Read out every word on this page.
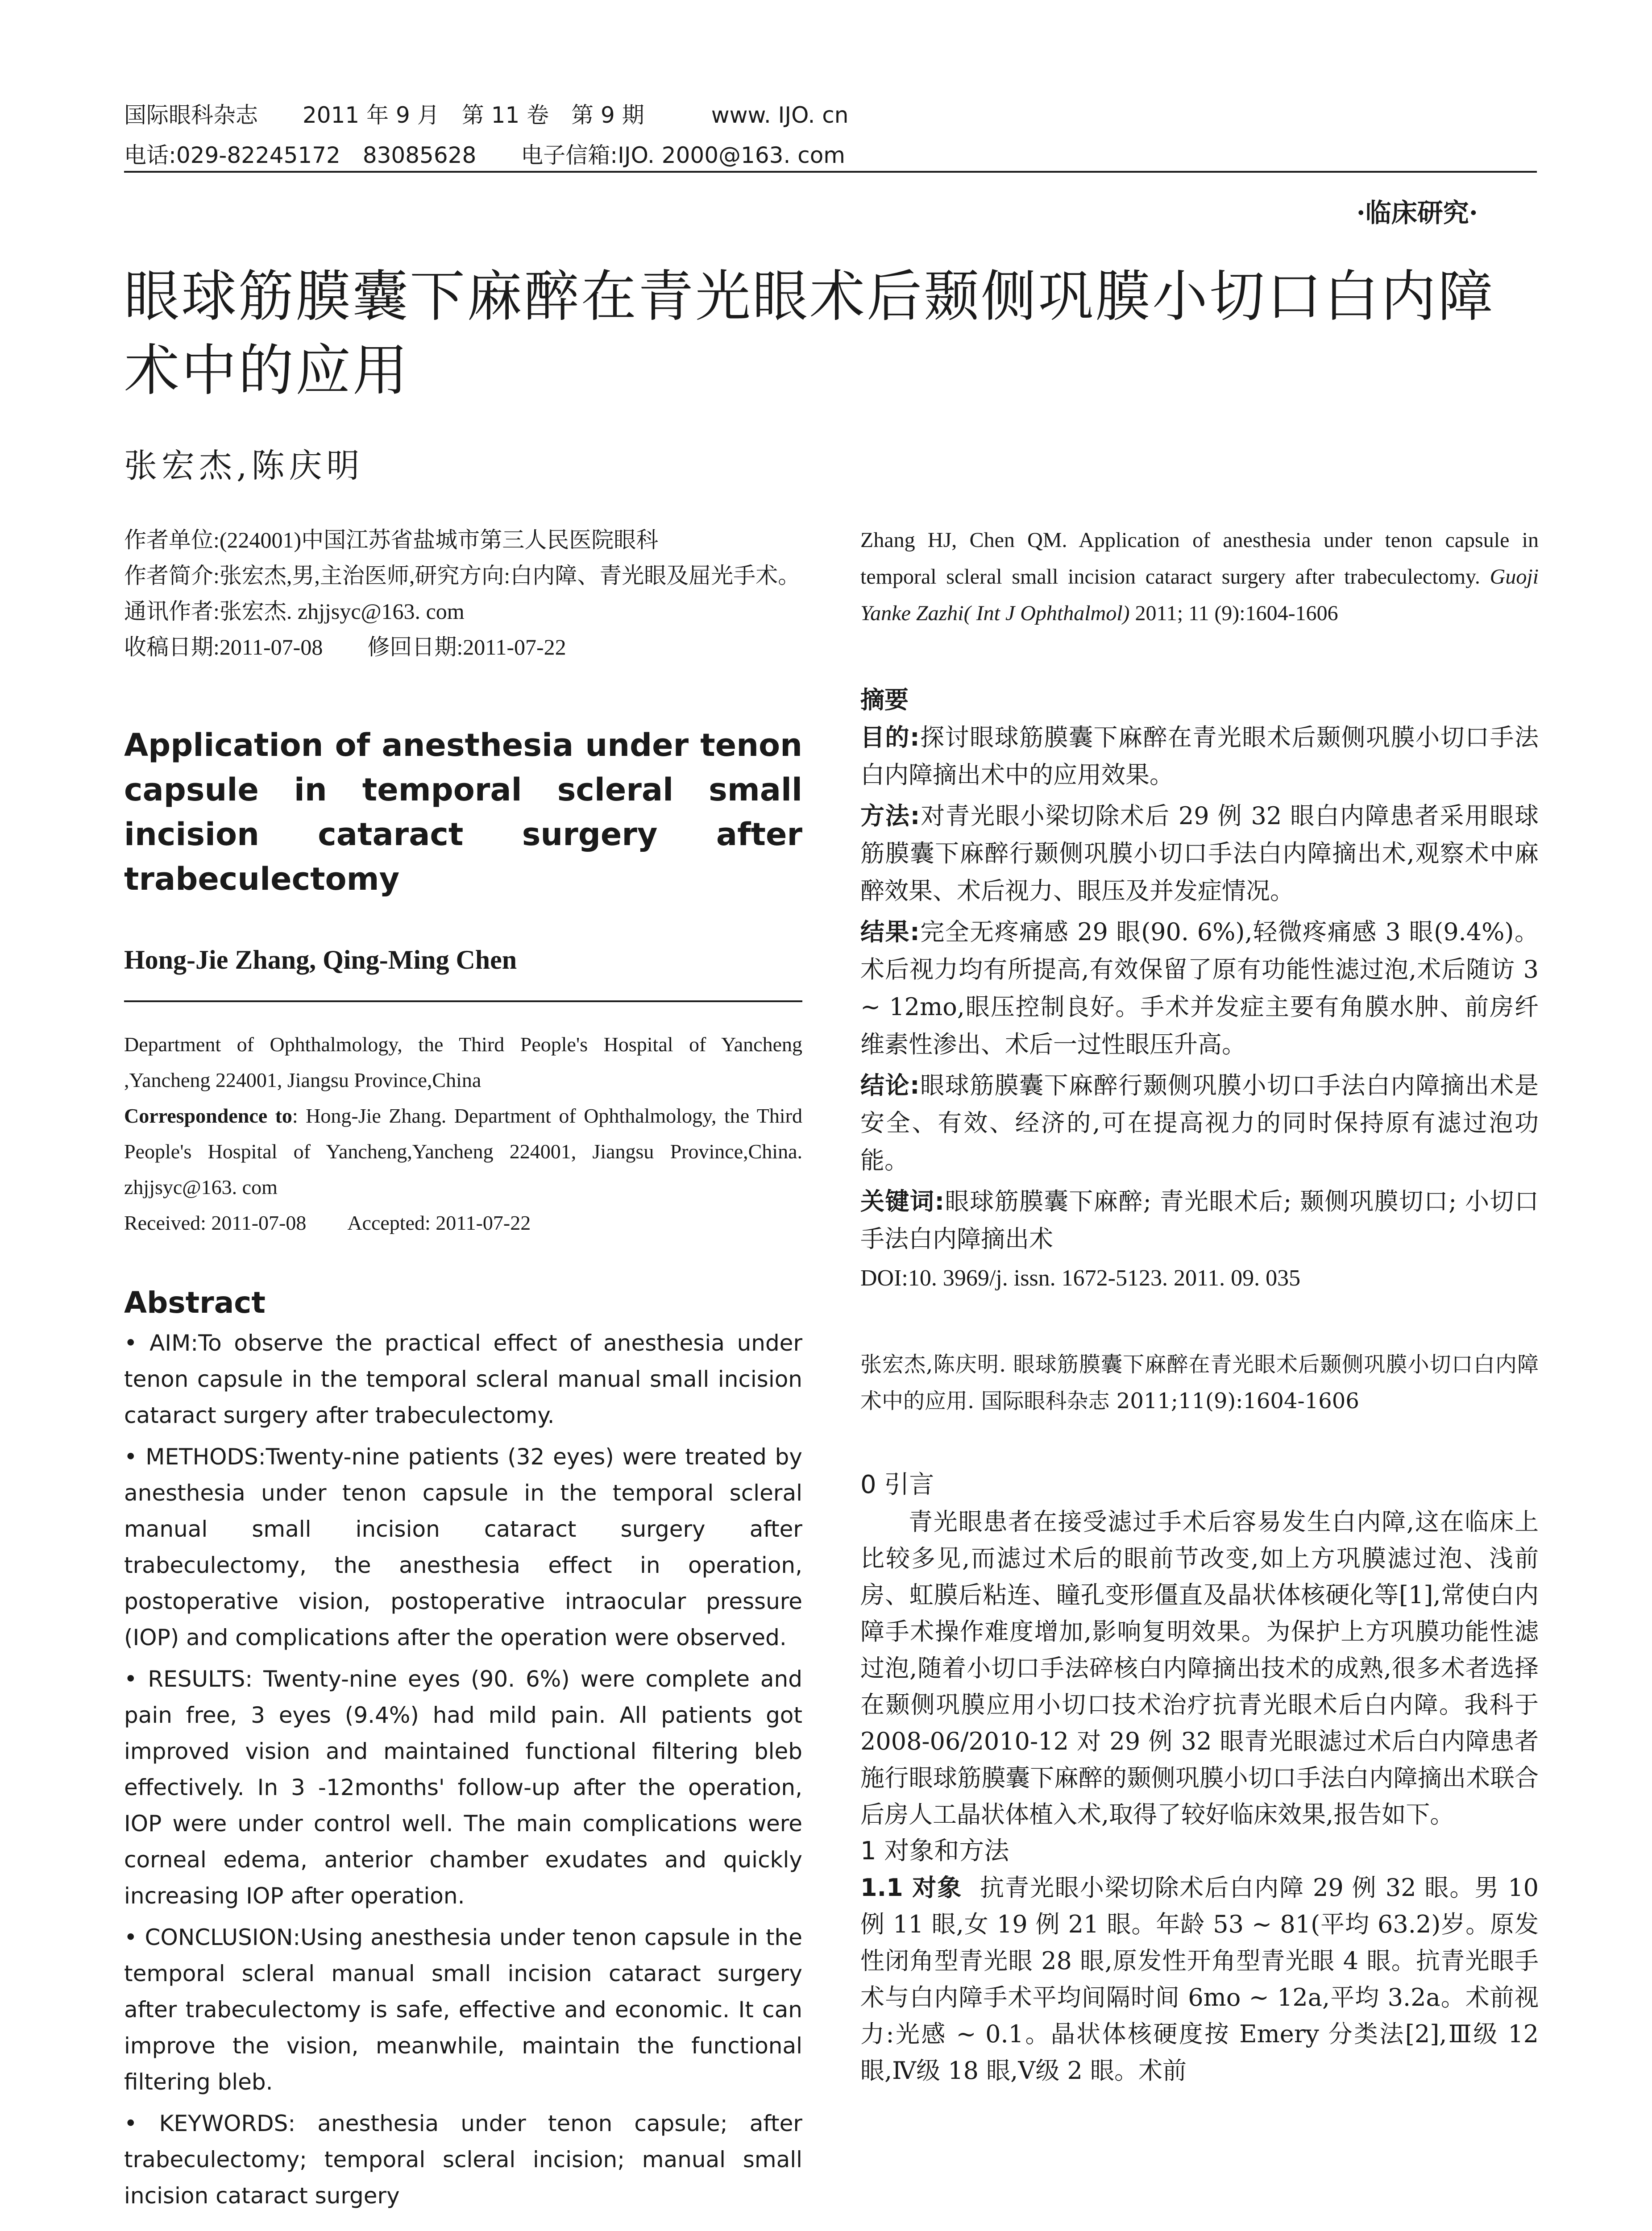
国际眼科杂志　　2011 年 9 月　第 11 卷　第 9 期　　　www. IJO. cn
电话:029-82245172　83085628　　电子信箱:IJO. 2000@163. com
·临床研究·
眼球筋膜囊下麻醉在青光眼术后颞侧巩膜小切口白内障术中的应用
张宏杰,陈庆明

作者单位:(224001)中国江苏省盐城市第三人民医院眼科

作者简介:张宏杰,男,主治医师,研究方向:白内障、青光眼及屈光手术。

通讯作者:张宏杰. zhjjsyc@163. com

收稿日期:2011-07-08　　修回日期:2011-07-22

Application of anesthesia under tenon capsule in temporal scleral small incision cataract surgery after trabeculectomy
Hong-Jie Zhang, Qing-Ming Chen

Department of Ophthalmology, the Third People's Hospital of Yancheng ,Yancheng 224001, Jiangsu Province,China

Correspondence to: Hong-Jie Zhang. Department of Ophthalmology, the Third People's Hospital of Yancheng,Yancheng 224001, Jiangsu Province,China. zhjjsyc@163. com

Received: 2011-07-08　　Accepted: 2011-07-22

Abstract

• AIM:To observe the practical effect of anesthesia under tenon capsule in the temporal scleral manual small incision cataract surgery after trabeculectomy.

• METHODS:Twenty-nine patients (32 eyes) were treated by anesthesia under tenon capsule in the temporal scleral manual small incision cataract surgery after trabeculectomy, the anesthesia effect in operation, postoperative vision, postoperative intraocular pressure (IOP) and complications after the operation were observed.

• RESULTS: Twenty-nine eyes (90. 6%) were complete and pain free, 3 eyes (9.4%) had mild pain. All patients got improved vision and maintained functional filtering bleb effectively. In 3 -12months' follow-up after the operation, IOP were under control well. The main complications were corneal edema, anterior chamber exudates and quickly increasing IOP after operation.

• CONCLUSION:Using anesthesia under tenon capsule in the temporal scleral manual small incision cataract surgery after trabeculectomy is safe, effective and economic. It can improve the vision, meanwhile, maintain the functional filtering bleb.

• KEYWORDS: anesthesia under tenon capsule; after trabeculectomy; temporal scleral incision; manual small incision cataract surgery

Zhang HJ, Chen QM. Application of anesthesia under tenon capsule in temporal scleral small incision cataract surgery after trabeculectomy. Guoji Yanke Zazhi( Int J Ophthalmol) 2011; 11 (9):1604-1606

摘要

目的:探讨眼球筋膜囊下麻醉在青光眼术后颞侧巩膜小切口手法白内障摘出术中的应用效果。

方法:对青光眼小梁切除术后 29 例 32 眼白内障患者采用眼球筋膜囊下麻醉行颞侧巩膜小切口手法白内障摘出术,观察术中麻醉效果、术后视力、眼压及并发症情况。

结果:完全无疼痛感 29 眼(90. 6%),轻微疼痛感 3 眼(9.4%)。术后视力均有所提高,有效保留了原有功能性滤过泡,术后随访 3 ~ 12mo,眼压控制良好。手术并发症主要有角膜水肿、前房纤维素性渗出、术后一过性眼压升高。

结论:眼球筋膜囊下麻醉行颞侧巩膜小切口手法白内障摘出术是安全、有效、经济的,可在提高视力的同时保持原有滤过泡功能。

关键词:眼球筋膜囊下麻醉; 青光眼术后; 颞侧巩膜切口; 小切口手法白内障摘出术

DOI:10. 3969/j. issn. 1672-5123. 2011. 09. 035

张宏杰,陈庆明. 眼球筋膜囊下麻醉在青光眼术后颞侧巩膜小切口白内障术中的应用. 国际眼科杂志 2011;11(9):1604-1606

0 引言

青光眼患者在接受滤过手术后容易发生白内障,这在临床上比较多见,而滤过术后的眼前节改变,如上方巩膜滤过泡、浅前房、虹膜后粘连、瞳孔变形僵直及晶状体核硬化等[1],常使白内障手术操作难度增加,影响复明效果。为保护上方巩膜功能性滤过泡,随着小切口手法碎核白内障摘出技术的成熟,很多术者选择在颞侧巩膜应用小切口技术治疗抗青光眼术后白内障。我科于 2008-06/2010-12 对 29 例 32 眼青光眼滤过术后白内障患者施行眼球筋膜囊下麻醉的颞侧巩膜小切口手法白内障摘出术联合后房人工晶状体植入术,取得了较好临床效果,报告如下。

1 对象和方法

1.1 对象 抗青光眼小梁切除术后白内障 29 例 32 眼。男 10 例 11 眼,女 19 例 21 眼。年龄 53 ~ 81(平均 63.2)岁。原发性闭角型青光眼 28 眼,原发性开角型青光眼 4 眼。抗青光眼手术与白内障手术平均间隔时间 6mo ~ 12a,平均 3.2a。术前视力:光感 ~ 0.1。晶状体核硬度按 Emery 分类法[2],Ⅲ级 12 眼,Ⅳ级 18 眼,Ⅴ级 2 眼。术前
